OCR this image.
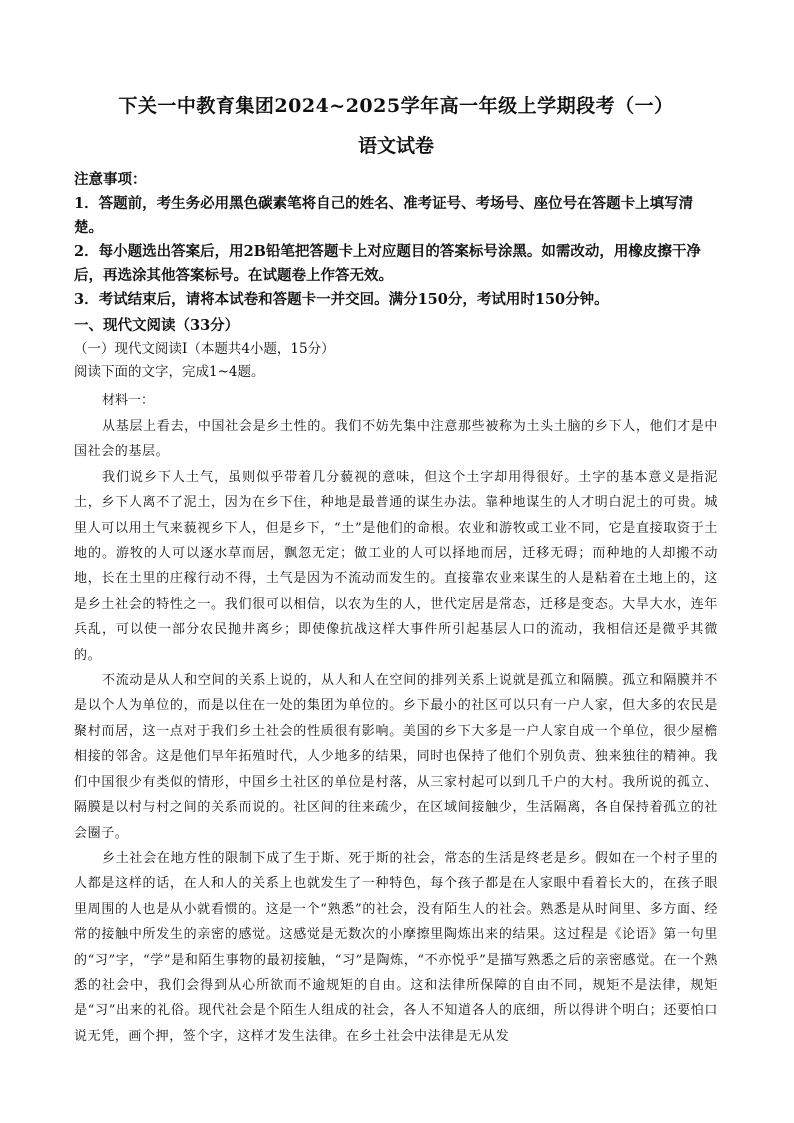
下关一中教育集团2024~2025学年高一年级上学期段考（一）
语文试卷

注意事项：

1．答题前，考生务必用黑色碳素笔将自己的姓名、准考证号、考场号、座位号在答题卡上填写清楚。

2．每小题选出答案后，用2B铅笔把答题卡上对应题目的答案标号涂黑。如需改动，用橡皮擦干净后，再选涂其他答案标号。在试题卷上作答无效。

3．考试结束后，请将本试卷和答题卡一并交回。满分150分，考试用时150分钟。

一、现代文阅读（33分）

（一）现代文阅读Ⅰ（本题共4小题，15分）

阅读下面的文字，完成1~4题。

材料一：

从基层上看去，中国社会是乡土性的。我们不妨先集中注意那些被称为土头土脑的乡下人，他们才是中国社会的基层。

我们说乡下人土气，虽则似乎带着几分藐视的意味，但这个土字却用得很好。土字的基本意义是指泥土，乡下人离不了泥土，因为在乡下住，种地是最普通的谋生办法。靠种地谋生的人才明白泥土的可贵。城里人可以用土气来藐视乡下人，但是乡下，“土”是他们的命根。农业和游牧或工业不同，它是直接取资于土地的。游牧的人可以逐水草而居，飘忽无定；做工业的人可以择地而居，迁移无碍；而种地的人却搬不动地，长在土里的庄稼行动不得，土气是因为不流动而发生的。直接靠农业来谋生的人是粘着在土地上的，这是乡土社会的特性之一。我们很可以相信，以农为生的人，世代定居是常态，迁移是变态。大旱大水，连年兵乱，可以使一部分农民抛井离乡；即使像抗战这样大事件所引起基层人口的流动，我相信还是微乎其微的。

不流动是从人和空间的关系上说的，从人和人在空间的排列关系上说就是孤立和隔膜。孤立和隔膜并不是以个人为单位的，而是以住在一处的集团为单位的。乡下最小的社区可以只有一户人家，但大多的农民是聚村而居，这一点对于我们乡土社会的性质很有影响。美国的乡下大多是一户人家自成一个单位，很少屋檐相接的邻舍。这是他们早年拓殖时代，人少地多的结果，同时也保持了他们个别负责、独来独往的精神。我们中国很少有类似的情形，中国乡土社区的单位是村落，从三家村起可以到几千户的大村。我所说的孤立、隔膜是以村与村之间的关系而说的。社区间的往来疏少，在区域间接触少，生活隔离，各自保持着孤立的社会圈子。

乡土社会在地方性的限制下成了生于斯、死于斯的社会，常态的生活是终老是乡。假如在一个村子里的人都是这样的话，在人和人的关系上也就发生了一种特色，每个孩子都是在人家眼中看着长大的，在孩子眼里周围的人也是从小就看惯的。这是一个“熟悉”的社会，没有陌生人的社会。熟悉是从时间里、多方面、经常的接触中所发生的亲密的感觉。这感觉是无数次的小摩擦里陶炼出来的结果。这过程是《论语》第一句里的“习”字，“学”是和陌生事物的最初接触，“习”是陶炼，“不亦悦乎”是描写熟悉之后的亲密感觉。在一个熟悉的社会中，我们会得到从心所欲而不逾规矩的自由。这和法律所保障的自由不同，规矩不是法律，规矩是“习”出来的礼俗。现代社会是个陌生人组成的社会，各人不知道各人的底细，所以得讲个明白；还要怕口说无凭，画个押，签个字，这样才发生法律。在乡土社会中法律是无从发
